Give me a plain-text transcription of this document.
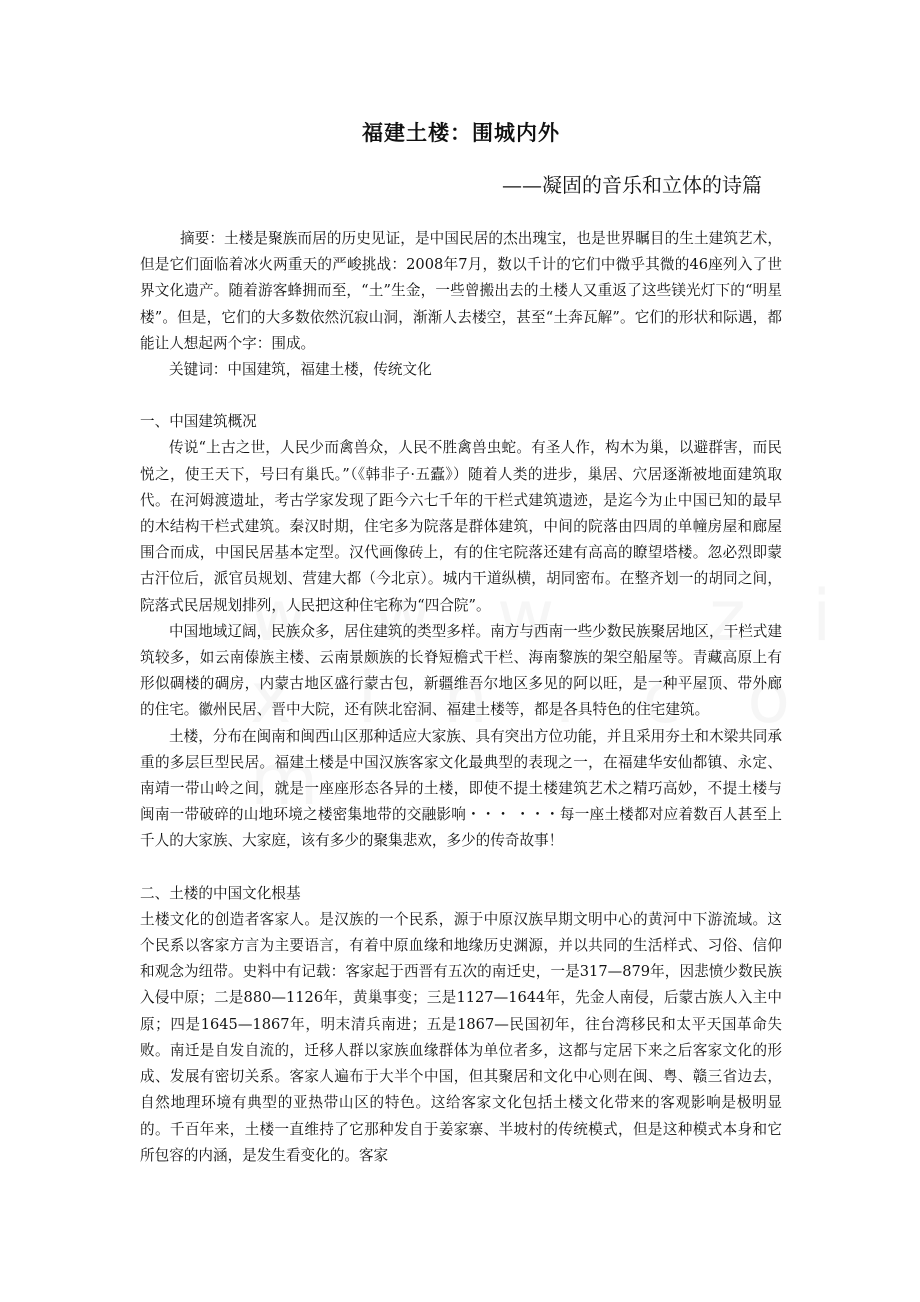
福建土楼：围城内外
——凝固的音乐和立体的诗篇

摘要：土楼是聚族而居的历史见证，是中国民居的杰出瑰宝，也是世界瞩目的生土建筑艺术，但是它们面临着冰火两重天的严峻挑战：2008年7月，数以千计的它们中微乎其微的46座列入了世界文化遗产。随着游客蜂拥而至，“土”生金，一些曾搬出去的土楼人又重返了这些镁光灯下的“明星楼”。但是，它们的大多数依然沉寂山洞，渐渐人去楼空，甚至“土奔瓦解”。它们的形状和际遇，都能让人想起两个字：围成。

关键词：中国建筑，福建土楼，传统文化

一、中国建筑概况

传说“上古之世，人民少而禽兽众，人民不胜禽兽虫蛇。有圣人作，构木为巢，以避群害，而民悦之，使王天下，号曰有巢氏。”（《韩非子·五蠹》）随着人类的进步，巢居、穴居逐渐被地面建筑取代。在河姆渡遗址，考古学家发现了距今六七千年的干栏式建筑遗迹，是迄今为止中国已知的最早的木结构干栏式建筑。秦汉时期，住宅多为院落是群体建筑，中间的院落由四周的单幢房屋和廊屋围合而成，中国民居基本定型。汉代画像砖上，有的住宅院落还建有高高的瞭望塔楼。忽必烈即蒙古汗位后，派官员规划、营建大都（今北京）。城内干道纵横，胡同密布。在整齐划一的胡同之间，院落式民居规划排列，人民把这种住宅称为“四合院”。

中国地域辽阔，民族众多，居住建筑的类型多样。南方与西南一些少数民族聚居地区，干栏式建筑较多，如云南傣族主楼、云南景颇族的长脊短檐式干栏、海南黎族的架空船屋等。青藏高原上有形似碉楼的碉房，内蒙古地区盛行蒙古包，新疆维吾尔地区多见的阿以旺，是一种平屋顶、带外廊的住宅。徽州民居、晋中大院，还有陕北窑洞、福建土楼等，都是各具特色的住宅建筑。

土楼，分布在闽南和闽西山区那种适应大家族、具有突出方位功能，并且采用夯土和木梁共同承重的多层巨型民居。福建土楼是中国汉族客家文化最典型的表现之一，在福建华安仙都镇、永定、南靖一带山岭之间，就是一座座形态各异的土楼，即使不提土楼建筑艺术之精巧高妙，不提土楼与闽南一带破碎的山地环境之楼密集地带的交融影响・・・ ・・・每一座土楼都对应着数百人甚至上千人的大家族、大家庭，该有多少的聚集悲欢，多少的传奇故事！

二、土楼的中国文化根基

土楼文化的创造者客家人。是汉族的一个民系，源于中原汉族早期文明中心的黄河中下游流域。这个民系以客家方言为主要语言，有着中原血缘和地缘历史渊源，并以共同的生活样式、习俗、信仰和观念为纽带。史料中有记载：客家起于西晋有五次的南迁史，一是317—879年，因悲愤少数民族入侵中原；二是880—1126年，黄巢事变；三是1127—1644年，先金人南侵，后蒙古族人入主中原；四是1645—1867年，明末清兵南进；五是1867—民国初年，往台湾移民和太平天国革命失败。南迁是自发自流的，迁移人群以家族血缘群体为单位者多，这都与定居下来之后客家文化的形成、发展有密切关系。客家人遍布于大半个中国，但其聚居和文化中心则在闽、粤、赣三省边去，自然地理环境有典型的亚热带山区的特色。这给客家文化包括土楼文化带来的客观影响是极明显的。千百年来，土楼一直维持了它那种发自于姜家寨、半坡村的传统模式，但是这种模式本身和它所包容的内涵，是发生看变化的。客家
